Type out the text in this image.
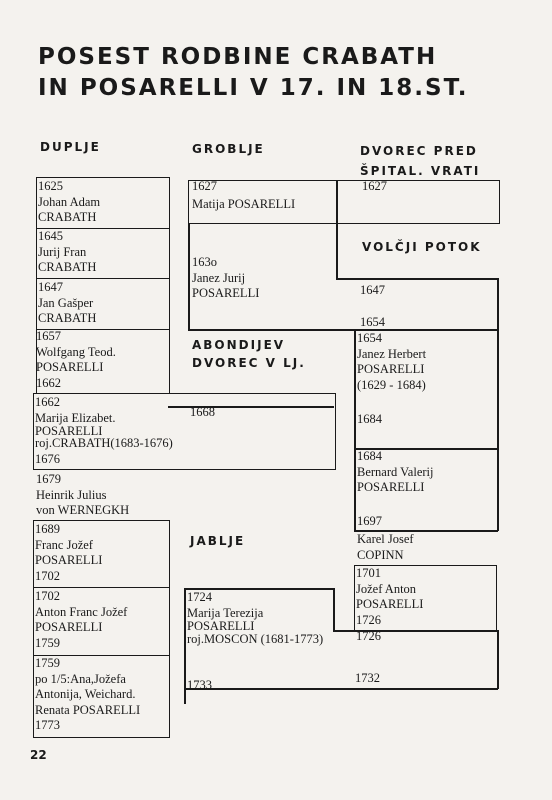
POSEST RODBINE CRABATH
IN POSARELLI V 17. IN 18.ST.
DUPLJE	GROBLJE	DVOREC PRED
ŠPITAL. VRATI
VOLČJI POTOK
ABONDIJEV
DVOREC V LJ.
JABLJE
1625
Johan Adam
CRABATH
1645
Jurij Fran
CRABATH
1647
Jan Gašper
CRABATH
1657
Wolfgang Teod.
POSARELLI
1662
1662
Marija Elizabet.
POSARELLI
roj.CRABATH(1683-1676)
1676
1668
1679
Heinrik Julius
von WERNEGKH
1689
Franc Jožef
POSARELLI
1702
1702
Anton Franc Jožef
POSARELLI
1759
1759
po 1/5:Ana,Jožefa
Antonija, Weichard.
Renata POSARELLI
1773
1627
Matija POSARELLI
1627
163o
Janez Jurij
POSARELLI	1647
1654
1654
Janez Herbert
POSARELLI
(1629 - 1684)
1684
1684
Bernard Valerij
POSARELLI
1697
Karel Josef
COPINN
1701
Jožef Anton
POSARELLI
1726
1724
Marija Terezija
POSARELLI
roj.MOSCON (1681-1773)	1726
1732
1733
22
